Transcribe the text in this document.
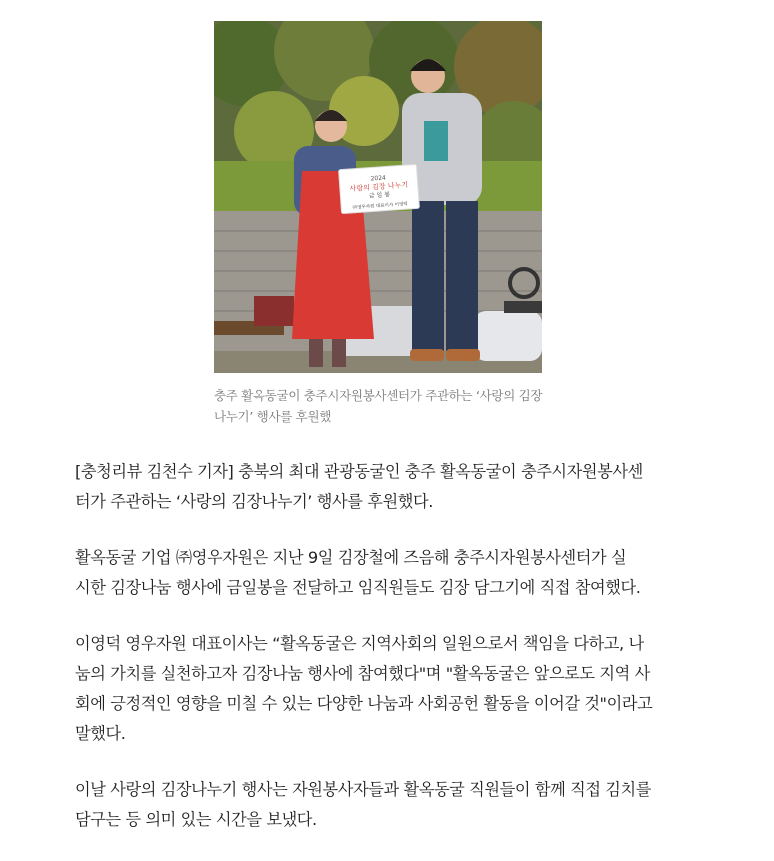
2024
사랑의 김장 나누기
금 일 봉
㈜영우자원 대표이사 이영덕
충주 활옥동굴이 충주시자원봉사센터가 주관하는 ‘사랑의 김장
나누기’ 행사를 후원했

[충청리뷰 김천수 기자] 충북의 최대 관광동굴인 충주 활옥동굴이 충주시자원봉사센
터가 주관하는 ‘사랑의 김장나누기’ 행사를 후원했다.

활옥동굴 기업 ㈜영우자원은 지난 9일 김장철에 즈음해 충주시자원봉사센터가 실
시한 김장나눔 행사에 금일봉을 전달하고 임직원들도 김장 담그기에 직접 참여했다.

이영덕 영우자원 대표이사는 “활옥동굴은 지역사회의 일원으로서 책임을 다하고, 나
눔의 가치를 실천하고자 김장나눔 행사에 참여했다"며 "활옥동굴은 앞으로도 지역 사
회에 긍정적인 영향을 미칠 수 있는 다양한 나눔과 사회공헌 활동을 이어갈 것"이라고
말했다.

이날 사랑의 김장나누기 행사는 자원봉사자들과 활옥동굴 직원들이 함께 직접 김치를
담구는 등 의미 있는 시간을 보냈다.
